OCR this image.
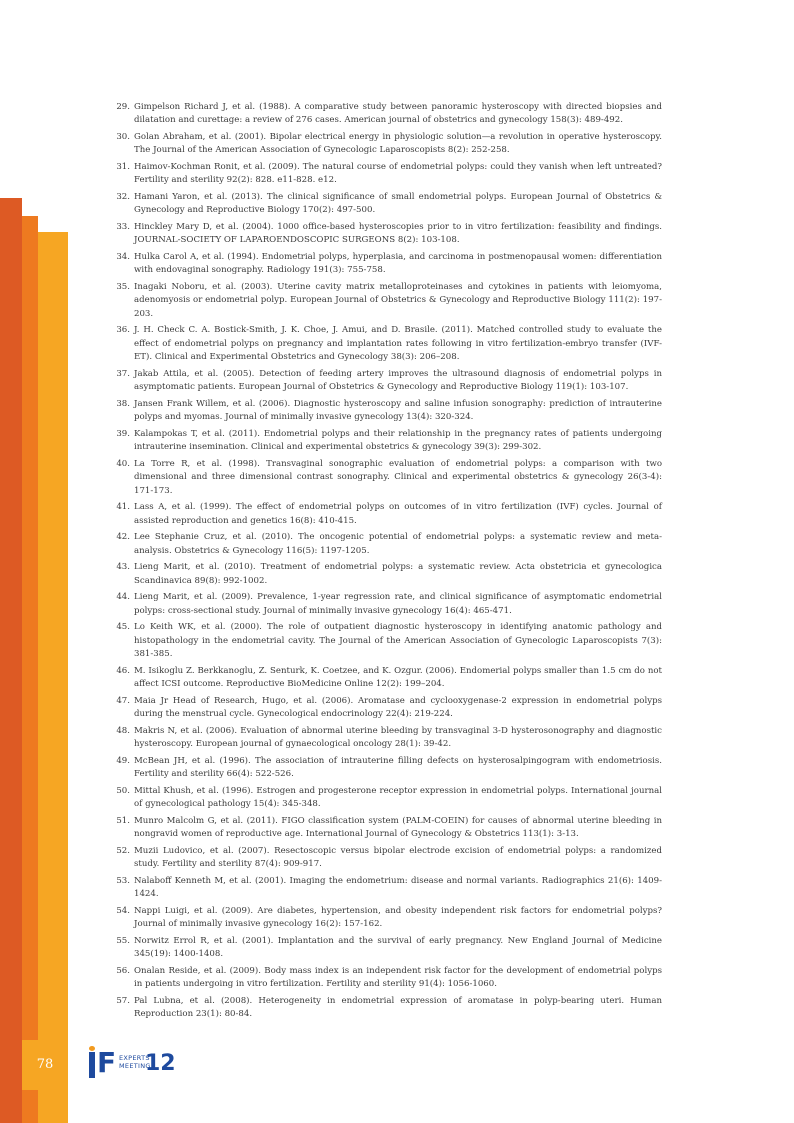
78
29. Gimpelson Richard J, et al. (1988). A comparative study between panoramic hysteroscopy with directed biopsies and dilatation and curettage: a review of 276 cases. American journal of obstetrics and gynecology 158(3): 489-492.
30. Golan Abraham, et al. (2001). Bipolar electrical energy in physiologic solution—a revolution in operative hysteroscopy. The Journal of the American Association of Gynecologic Laparoscopists 8(2): 252-258.
31. Haimov-Kochman Ronit, et al. (2009). The natural course of endometrial polyps: could they vanish when left untreated? Fertility and sterility 92(2): 828. e11-828. e12.
32. Hamani Yaron, et al. (2013). The clinical significance of small endometrial polyps. European Journal of Obstetrics & Gynecology and Reproductive Biology 170(2): 497-500.
33. Hinckley Mary D, et al. (2004). 1000 office-based hysteroscopies prior to in vitro fertilization: feasibility and findings. JOURNAL-SOCIETY OF LAPAROENDOSCOPIC SURGEONS 8(2): 103-108.
34. Hulka Carol A, et al. (1994). Endometrial polyps, hyperplasia, and carcinoma in postmenopausal women: differentiation with endovaginal sonography. Radiology 191(3): 755-758.
35. Inagaki Noboru, et al. (2003). Uterine cavity matrix metalloproteinases and cytokines in patients with leiomyoma, adenomyosis or endometrial polyp. European Journal of Obstetrics & Gynecology and Reproductive Biology 111(2): 197-203.
36. J. H. Check C. A. Bostick-Smith, J. K. Choe, J. Amui, and D. Brasile. (2011). Matched controlled study to evaluate the effect of endometrial polyps on pregnancy and implantation rates following in vitro fertilization-embryo transfer (IVF-ET). Clinical and Experimental Obstetrics and Gynecology 38(3): 206–208.
37. Jakab Attila, et al. (2005). Detection of feeding artery improves the ultrasound diagnosis of endometrial polyps in asymptomatic patients. European Journal of Obstetrics & Gynecology and Reproductive Biology 119(1): 103-107.
38. Jansen Frank Willem, et al. (2006). Diagnostic hysteroscopy and saline infusion sonography: prediction of intrauterine polyps and myomas. Journal of minimally invasive gynecology 13(4): 320-324.
39. Kalampokas T, et al. (2011). Endometrial polyps and their relationship in the pregnancy rates of patients undergoing intrauterine insemination. Clinical and experimental obstetrics & gynecology 39(3): 299-302.
40. La Torre R, et al. (1998). Transvaginal sonographic evaluation of endometrial polyps: a comparison with two dimensional and three dimensional contrast sonography. Clinical and experimental obstetrics & gynecology 26(3-4): 171-173.
41. Lass A, et al. (1999). The effect of endometrial polyps on outcomes of in vitro fertilization (IVF) cycles. Journal of assisted reproduction and genetics 16(8): 410-415.
42. Lee Stephanie Cruz, et al. (2010). The oncogenic potential of endometrial polyps: a systematic review and meta-analysis. Obstetrics & Gynecology 116(5): 1197-1205.
43. Lieng Marit, et al. (2010). Treatment of endometrial polyps: a systematic review. Acta obstetricia et gynecologica Scandinavica 89(8): 992-1002.
44. Lieng Marit, et al. (2009). Prevalence, 1-year regression rate, and clinical significance of asymptomatic endometrial polyps: cross-sectional study. Journal of minimally invasive gynecology 16(4): 465-471.
45. Lo Keith WK, et al. (2000). The role of outpatient diagnostic hysteroscopy in identifying anatomic pathology and histopathology in the endometrial cavity. The Journal of the American Association of Gynecologic Laparoscopists 7(3): 381-385.
46. M. Isikoglu Z. Berkkanoglu, Z. Senturk, K. Coetzee, and K. Ozgur. (2006). Endomerial polyps smaller than 1.5 cm do not affect ICSI outcome. Reproductive BioMedicine Online 12(2): 199–204.
47. Maia Jr Head of Research, Hugo, et al. (2006). Aromatase and cyclooxygenase-2 expression in endometrial polyps during the menstrual cycle. Gynecological endocrinology 22(4): 219-224.
48. Makris N, et al. (2006). Evaluation of abnormal uterine bleeding by transvaginal 3-D hysterosonography and diagnostic hysteroscopy. European journal of gynaecological oncology 28(1): 39-42.
49. McBean JH, et al. (1996). The association of intrauterine filling defects on hysterosalpingogram with endometriosis. Fertility and sterility 66(4): 522-526.
50. Mittal Khush, et al. (1996). Estrogen and progesterone receptor expression in endometrial polyps. International journal of gynecological pathology 15(4): 345-348.
51. Munro Malcolm G, et al. (2011). FIGO classification system (PALM-COEIN) for causes of abnormal uterine bleeding in nongravid women of reproductive age. International Journal of Gynecology & Obstetrics 113(1): 3-13.
52. Muzii Ludovico, et al. (2007). Resectoscopic versus bipolar electrode excision of endometrial polyps: a randomized study. Fertility and sterility 87(4): 909-917.
53. Nalaboff Kenneth M, et al. (2001). Imaging the endometrium: disease and normal variants. Radiographics 21(6): 1409-1424.
54. Nappi Luigi, et al. (2009). Are diabetes, hypertension, and obesity independent risk factors for endometrial polyps? Journal of minimally invasive gynecology 16(2): 157-162.
55. Norwitz Errol R, et al. (2001). Implantation and the survival of early pregnancy. New England Journal of Medicine 345(19): 1400-1408.
56. Onalan Reside, et al. (2009). Body mass index is an independent risk factor for the development of endometrial polyps in patients undergoing in vitro fertilization. Fertility and sterility 91(4): 1056-1060.
57. Pal Lubna, et al. (2008). Heterogeneity in endometrial expression of aromatase in polyp-bearing uteri. Human Reproduction 23(1): 80-84.
F EXPERTS
MEETING
12
